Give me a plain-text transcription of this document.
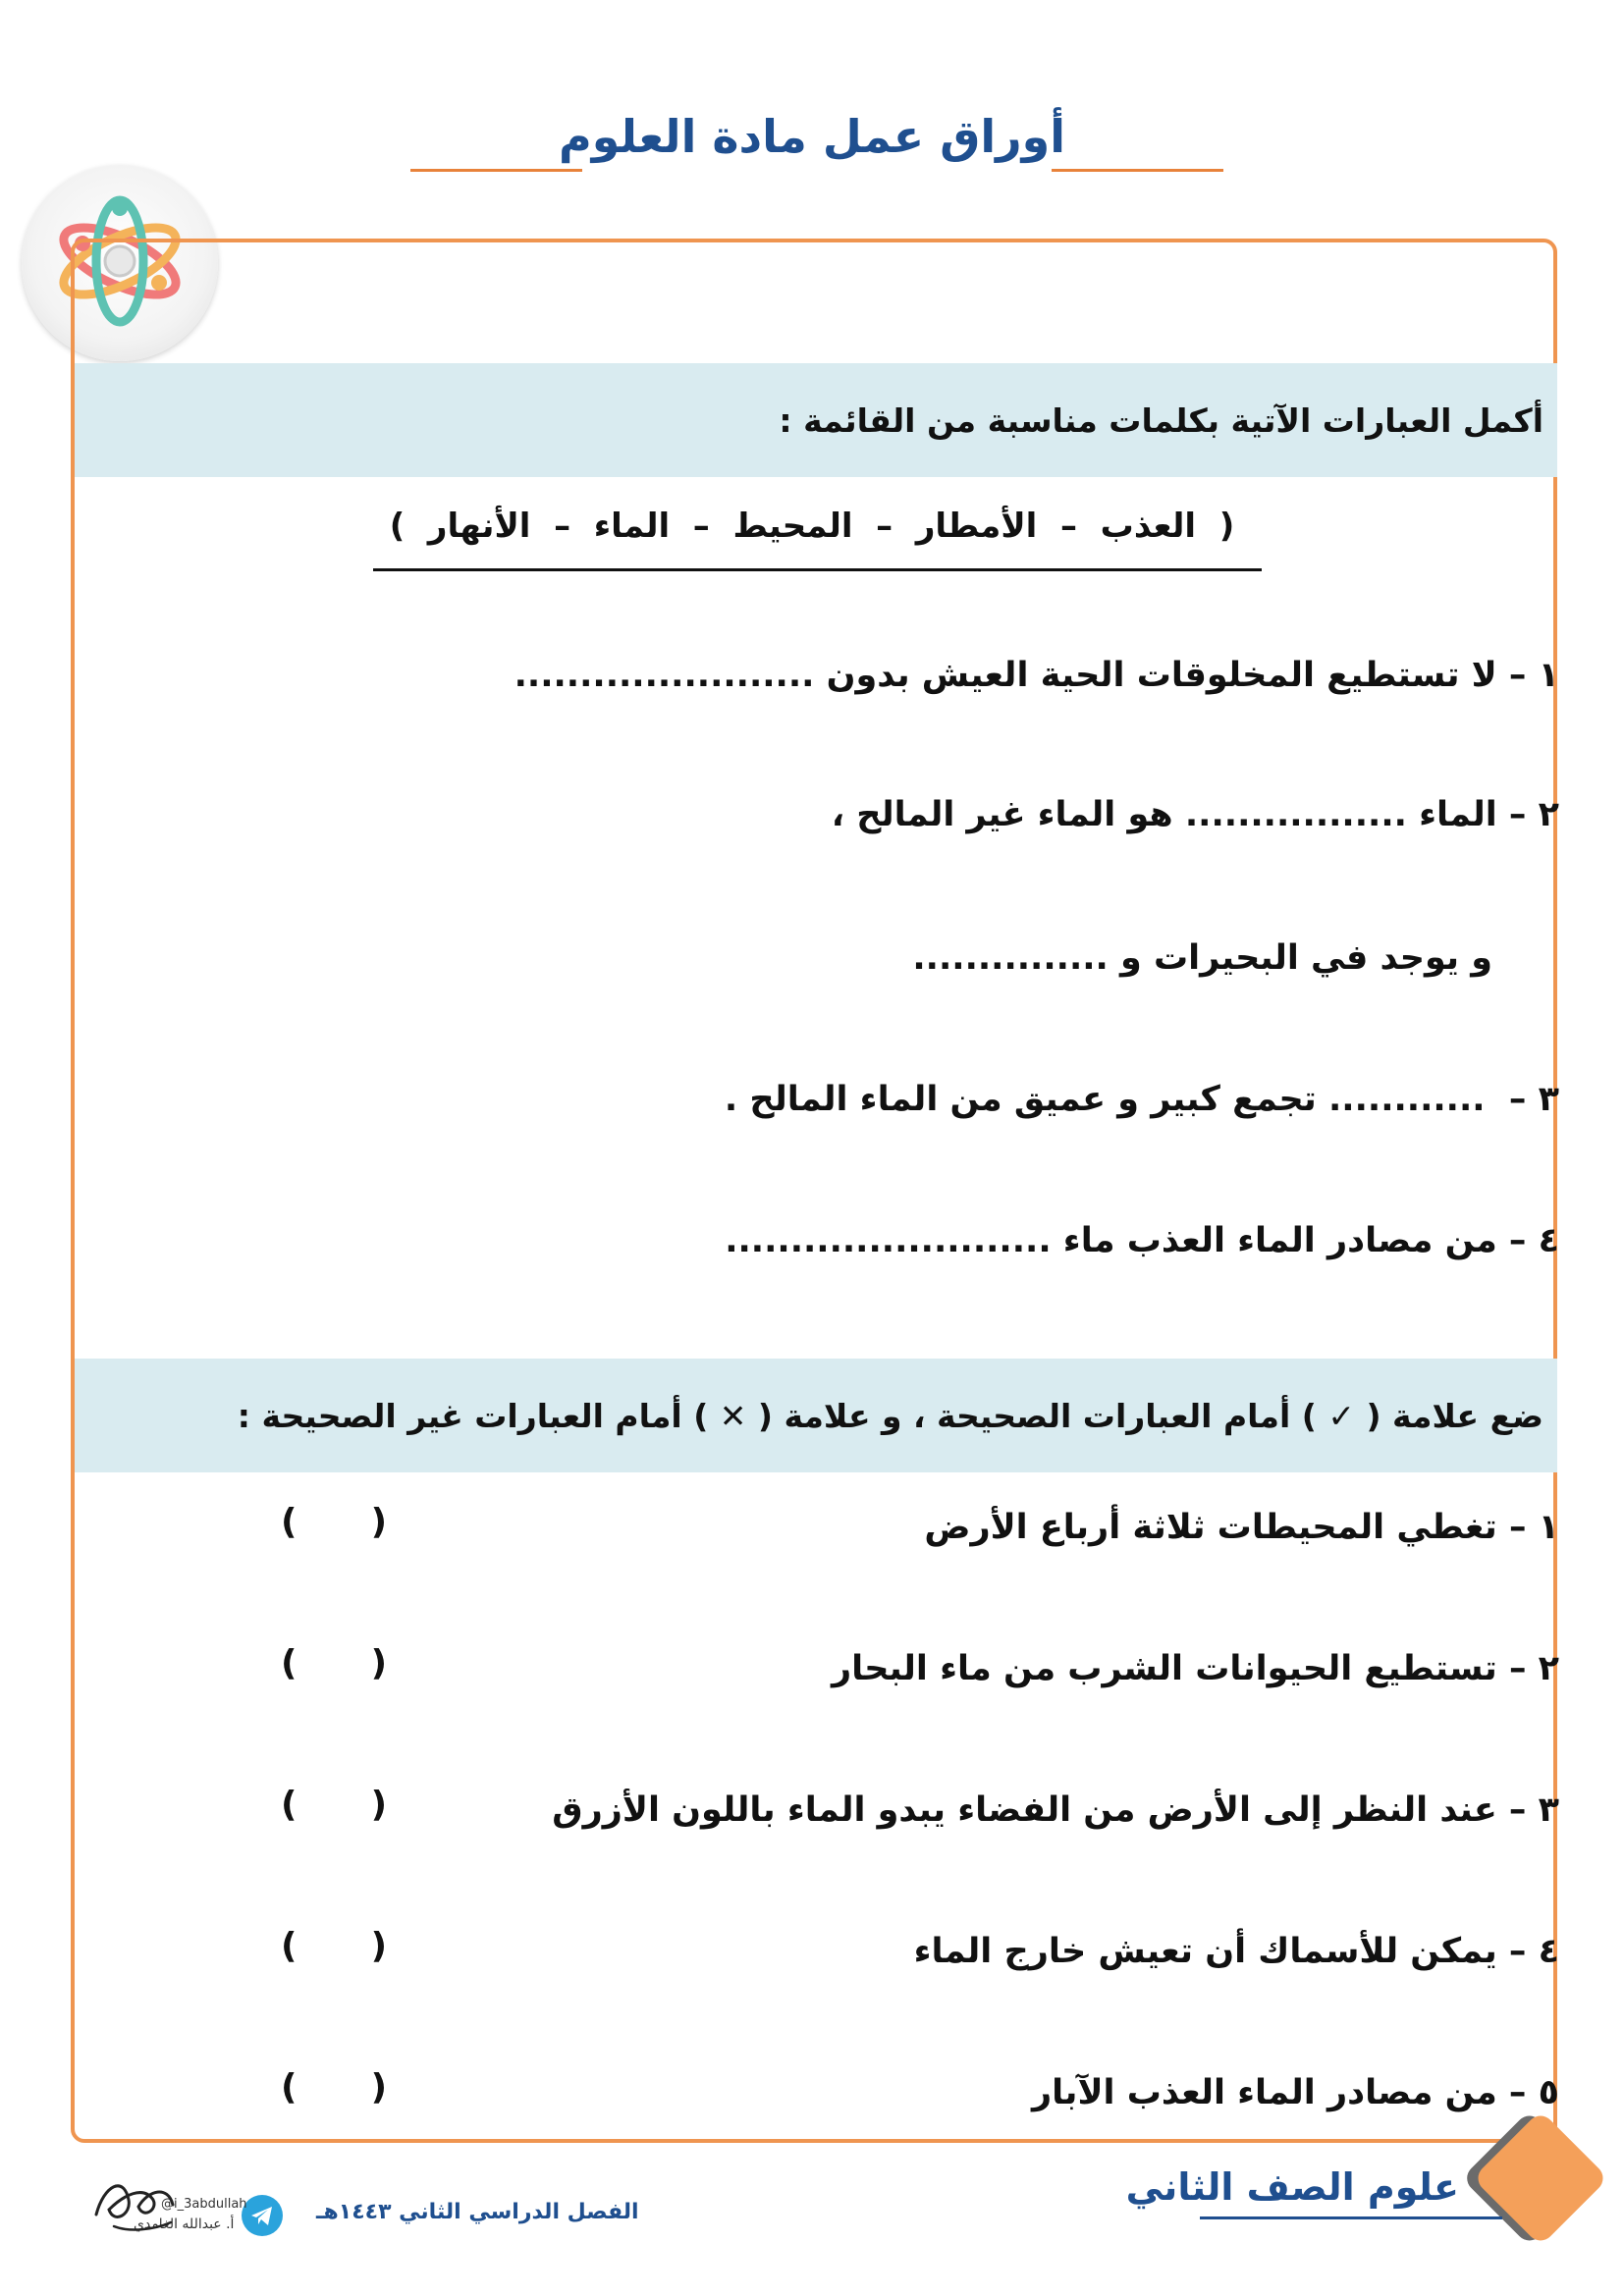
أوراق عمل مادة العلوم
أكمل العبارات الآتية بكلمات مناسبة من القائمة :
(  العذب  –  الأمطار  –  المحيط  –  الماء  –  الأنهار  )
١ – لا تستطيع المخلوقات الحية العيش بدون .......................
٢ – الماء ................. هو الماء غير المالح ،
و يوجد في البحيرات و ...............
٣ –  ............ تجمع كبير و عميق من الماء المالح .
٤ – من مصادر الماء العذب ماء .........................
ضع علامة ( ✓ ) أمام العبارات الصحيحة ، و علامة ( ✕ ) أمام العبارات غير الصحيحة :
١ – تغطي المحيطات ثلاثة أرباع الأرض
(      )
٢ – تستطيع الحيوانات الشرب من ماء البحار
(      )
٣ – عند النظر إلى الأرض من الفضاء يبدو الماء باللون الأزرق
(      )
٤ – يمكن للأسماك أن تعيش خارج الماء
(      )
٥ – من مصادر الماء العذب الآبار
(      )
علوم الصف الثاني
الفصل الدراسي الثاني ١٤٤٣هـ
@i_3abdullah
أ. عبدالله الغامدي
